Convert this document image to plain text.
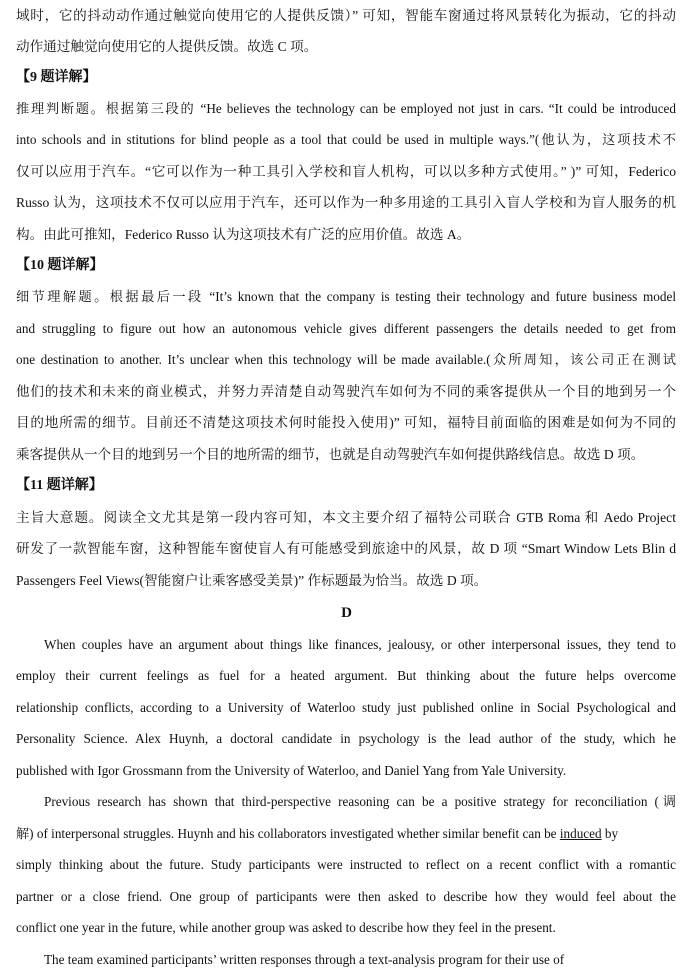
域时，它的抖动动作通过触觉向使用它的人提供反馈）” 可知，智能车窗通过将风景转化为振动，它的抖动
动作通过触觉向使用它的人提供反馈。故选 C 项。
【9 题详解】
推理判断题。根据第三段的 “He believes the technology can be employed not just in cars. “It could be introduced
into schools and in stitutions for blind people as a tool that could be used in multiple ways.”(他认为，这项技术不
仅可以应用于汽车。“它可以作为一种工具引入学校和盲人机构，可以以多种方式使用。” )” 可知，Federico
Russo 认为，这项技术不仅可以应用于汽车，还可以作为一种多用途的工具引入盲人学校和为盲人服务的机
构。由此可推知，Federico Russo 认为这项技术有广泛的应用价值。故选 A。
【10 题详解】
细节理解题。根据最后一段 “It’s known that the company is testing their technology and future business model
and struggling to figure out how an autonomous vehicle gives different passengers the details needed to get from
one destination to another. It’s unclear when this technology will be made available.(众所周知，该公司正在测试
他们的技术和未来的商业模式，并努力弄清楚自动驾驶汽车如何为不同的乘客提供从一个目的地到另一个
目的地所需的细节。目前还不清楚这项技术何时能投入使用)” 可知，福特目前面临的困难是如何为不同的
乘客提供从一个目的地到另一个目的地所需的细节，也就是自动驾驶汽车如何提供路线信息。故选 D 项。
【11 题详解】
主旨大意题。阅读全文尤其是第一段内容可知，本文主要介绍了福特公司联合 GTB Roma 和 Aedo Project
研发了一款智能车窗，这种智能车窗使盲人有可能感受到旅途中的风景，故 D 项 “Smart Window Lets Blin d
Passengers Feel Views(智能窗户让乘客感受美景)” 作标题最为恰当。故选 D 项。
D
When couples have an argument about things like finances, jealousy, or other interpersonal issues, they tend to
employ their current feelings as fuel for a heated argument. But thinking about the future helps overcome
relationship conflicts, according to a University of Waterloo study just published online in Social Psychological and
Personality Science. Alex Huynh, a doctoral candidate in psychology is the lead author of the study, which he
published with Igor Grossmann from the University of Waterloo, and Daniel Yang from Yale University.
Previous research has shown that third-perspective reasoning can be a positive strategy for reconciliation (调
解) of interpersonal struggles. Huynh and his collaborators investigated whether similar benefit can be induced by
simply thinking about the future. Study participants were instructed to reflect on a recent conflict with a romantic
partner or a close friend. One group of participants were then asked to describe how they would feel about the
conflict one year in the future, while another group was asked to describe how they feel in the present.
The team examined participants’ written responses through a text-analysis program for their use of
